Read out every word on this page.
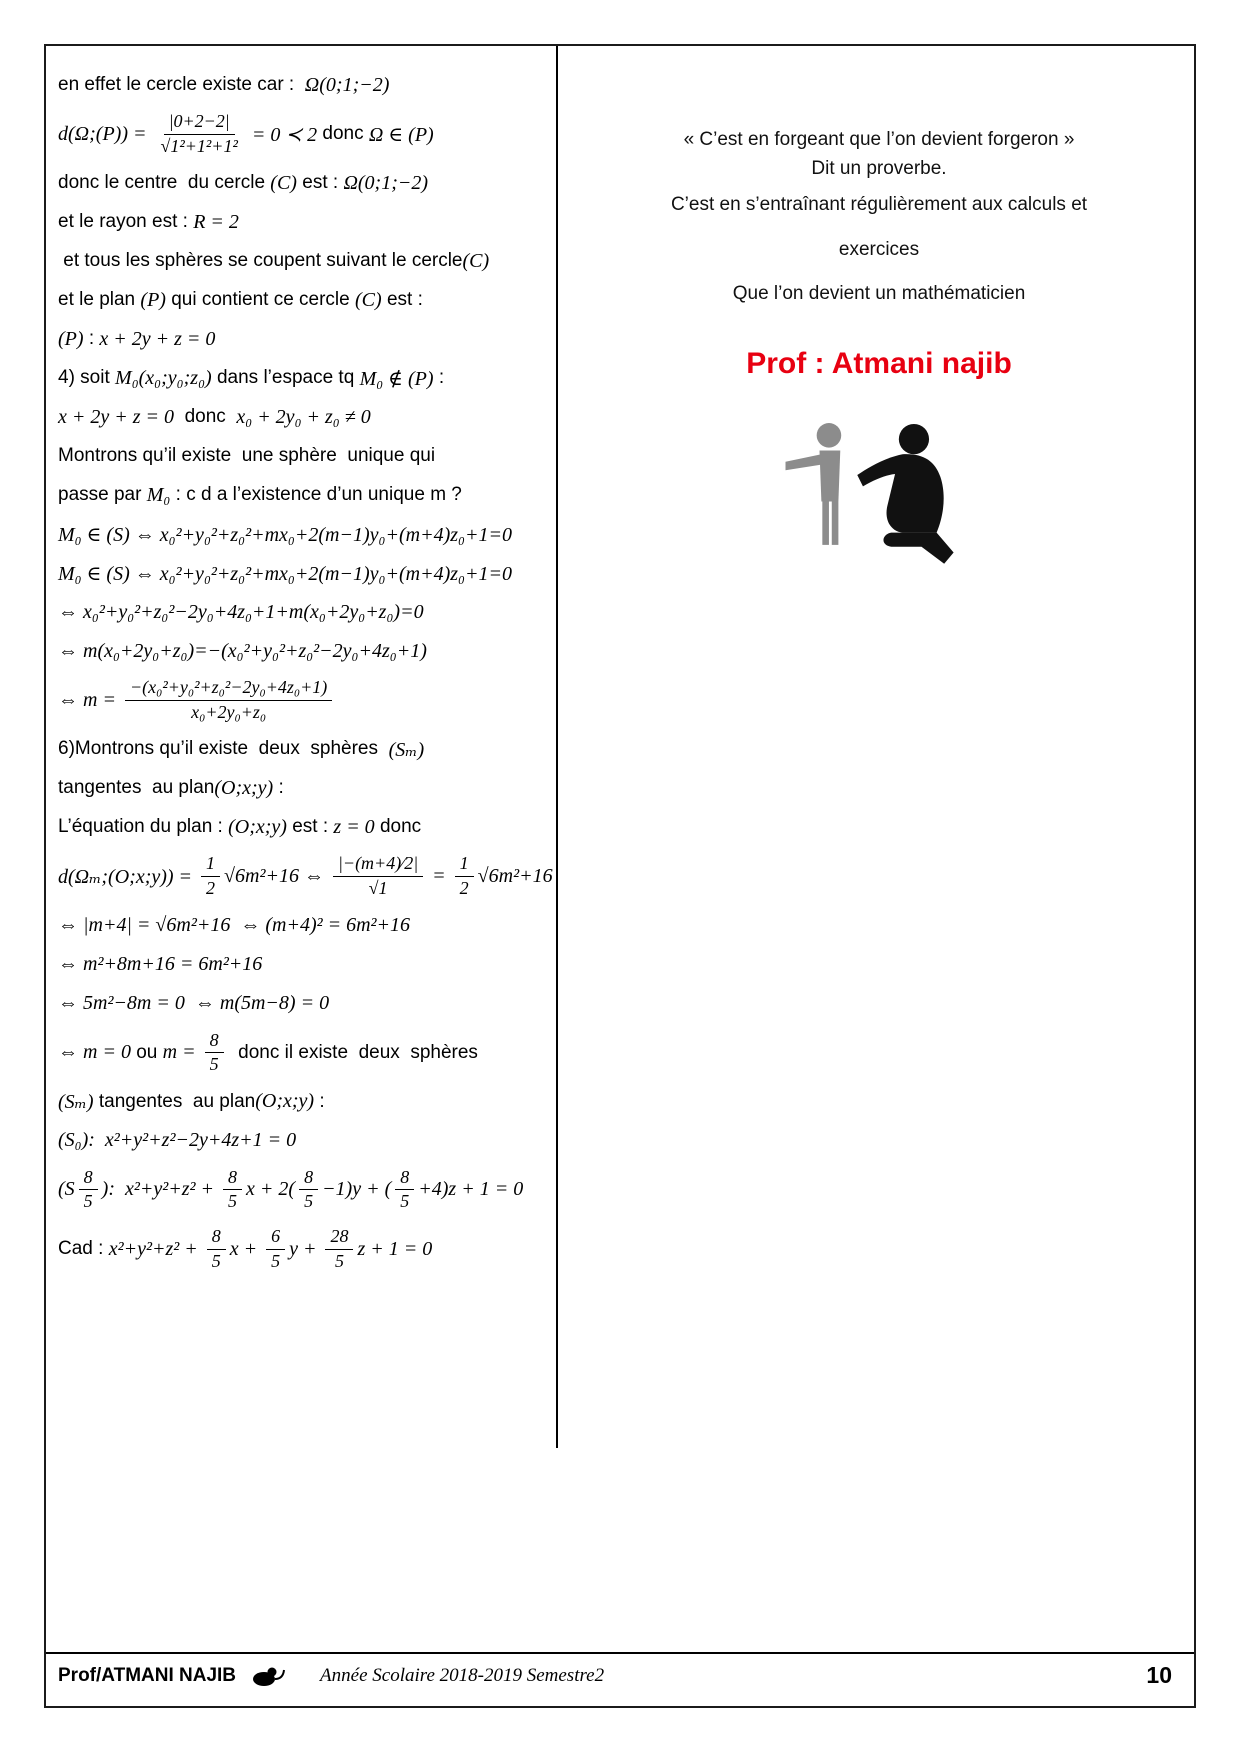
en effet le cercle existe car : Ω(0;1;−2)
d(Ω;(P)) = $\frac{|0+2-2|}{\text{√1²+1²+1²}} = 0$ ≺ 2 donc Ω ∈ (P)
donc le centre  du cercle (C) est : Ω(0;1;−2)
et le rayon est : R = 2
et tous les sphères se coupent suivant le cercle (C)
et le plan (P) qui contient ce cercle (C) est :
(P) : x + 2y + z = 0
4) soit M₀(x₀;y₀;z₀) dans l’espace tq M₀ ∉ (P) :
x + 2y + z = 0 donc x₀ + 2y₀ + z₀ ≠ 0
Montrons qu’il existe  une sphère  unique qui
passe par M₀ : c d a l’existence d’un unique m ?
M₀ ∈ (S) ⇔ x₀²+y₀²+z₀²+mx₀+2(m−1)y₀+(m+4)z₀+1=0
M₀ ∈ (S) ⇔ x₀²+y₀²+z₀²+mx₀+2(m−1)y₀+(m+4)z₀+1=0
⇔ x₀²+y₀²+z₀²−2y₀+4z₀+1+m(x₀+2y₀+z₀)=0
⇔ m(x₀+2y₀+z₀)=−(x₀²+y₀²+z₀²−2y₀+4z₀+1)
⇔ $m = \frac{\text{−(x₀²+y₀²+z₀²−2y₀+4z₀+1)}}{\text{x₀+2y₀+z₀}}$
6)Montrons qu’il existe  deux  sphères (Sₘ)
tangentes  au plan (O;x;y) :
L’équation du plan : (O;x;y) est : z = 0 donc
d(Ωₘ;(O;x;y)) = $\frac{1}{2} √6m^2+16$ ⇔ $\frac{|-(m+4)⁄2|}{√1} = \frac{1}{2} √6m^2+16$
⇔ |m+4| = √6m²+16  ⇔ (m+4)² = 6m²+16
⇔ m²+8m+16 = 6m²+16
⇔ 5m²−8m = 0  ⇔ m(5m−8) = 0
⇔ m = 0 ou $m = \frac{8}{5}$ donc il existe  deux  sphères
(Sₘ) tangentes  au plan (O;x;y) :
(S₀):  x²+y²+z²−2y+4z+1 = 0
($S \frac{8}{5}$ ):  $x^2+y^2+z^2 + \frac{8}{5}$ $x + 2( \frac{8}{5} -1)y$ + ( $\frac{8}{5} +4)z + 1 = 0$
Cad : $x^2+y^2+z^2 + \frac{8}{5}$ $x + \frac{6}{5}$ $y + \frac{28}{5}$ z + 1 = 0
« C’est en forgeant que l’on devient forgeron »
Dit un proverbe.
C’est en s’entraînant régulièrement aux calculs et
exercices
Que l’on devient un mathématicien
Prof : Atmani najib
Prof/ATMANI NAJIB	Année Scolaire 2018-2019 Semestre2	10
